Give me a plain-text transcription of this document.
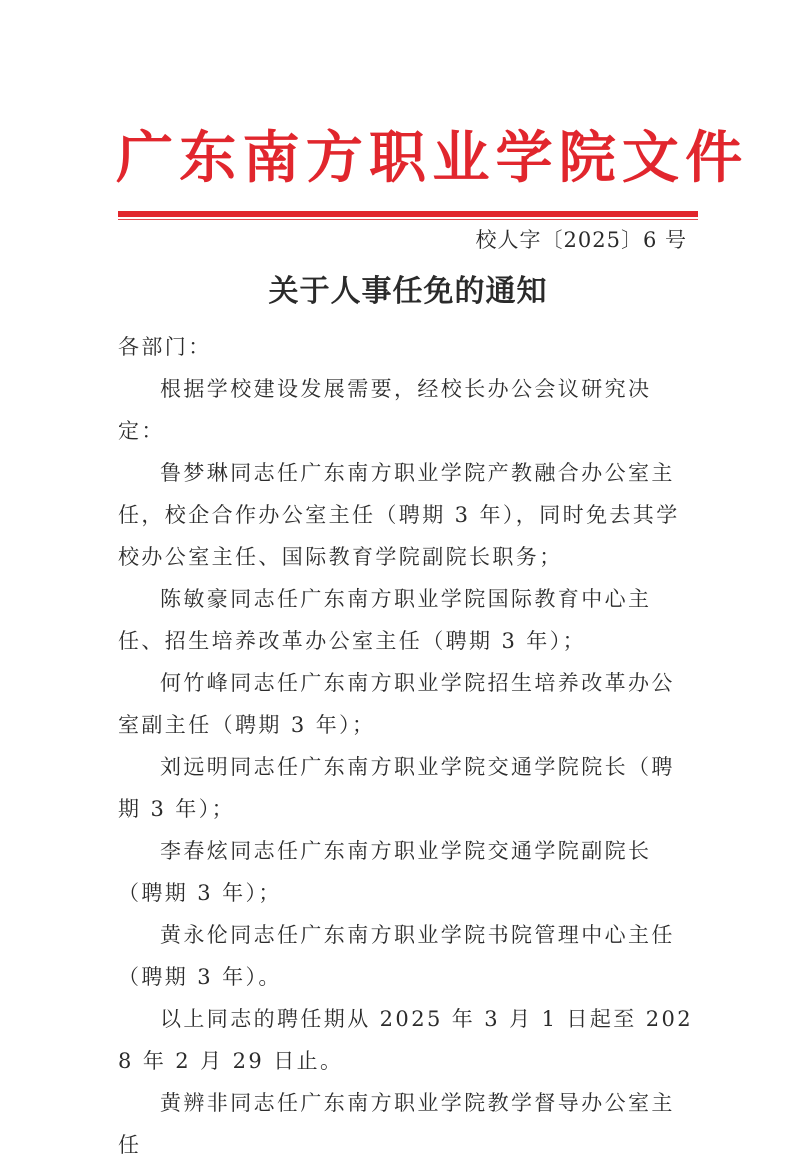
广东南方职业学院文件
校人字〔2025〕6 号
关于人事任免的通知

各部门：

根据学校建设发展需要，经校长办公会议研究决定：

鲁梦琳同志任广东南方职业学院产教融合办公室主任，校企合作办公室主任（聘期 3 年），同时免去其学校办公室主任、国际教育学院副院长职务；

陈敏豪同志任广东南方职业学院国际教育中心主任、招生培养改革办公室主任（聘期 3 年）；

何竹峰同志任广东南方职业学院招生培养改革办公室副主任（聘期 3 年）；

刘远明同志任广东南方职业学院交通学院院长（聘期 3 年）；

李春炫同志任广东南方职业学院交通学院副院长（聘期 3 年）；

黄永伦同志任广东南方职业学院书院管理中心主任（聘期 3 年）。

以上同志的聘任期从 2025 年 3 月 1 日起至 2028 年 2 月 29 日止。

黄辨非同志任广东南方职业学院教学督导办公室主任
